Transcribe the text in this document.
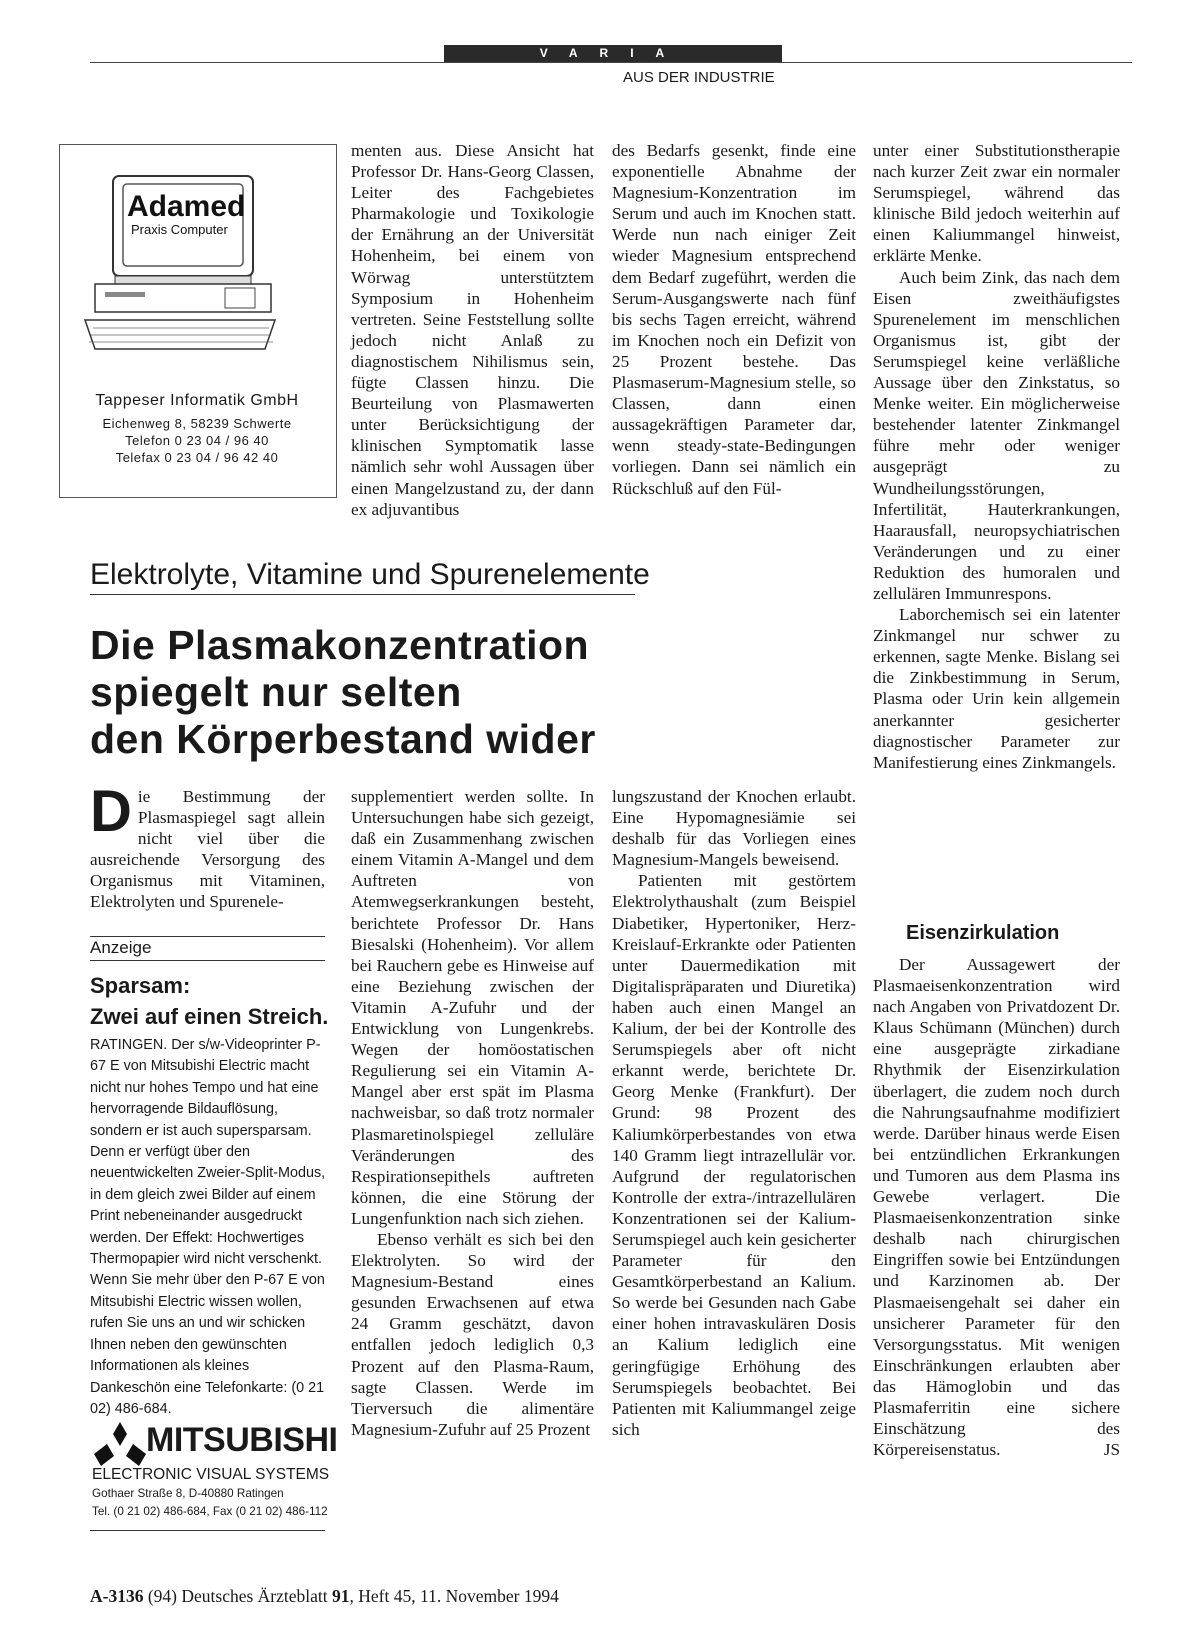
VARIA
AUS DER INDUSTRIE
Adamed
Praxis Computer
Tappeser Informatik GmbH
Eichenweg 8, 58239 Schwerte
Telefon 0 23 04 / 96 40
Telefax 0 23 04 / 96 42 40

menten aus. Diese Ansicht hat Professor Dr. Hans-Georg Classen, Leiter des Fachgebietes Pharmakologie und Toxikologie der Ernährung an der Universität Hohenheim, bei einem von Wörwag unterstütztem Symposium in Hohenheim vertreten. Seine Feststellung sollte jedoch nicht Anlaß zu diagnostischem Nihilismus sein, fügte Classen hinzu. Die Beurteilung von Plasmawerten unter Berücksichtigung der klinischen Symptomatik lasse nämlich sehr wohl Aussagen über einen Mangelzustand zu, der dann ex adjuvantibus

des Bedarfs gesenkt, finde eine exponentielle Abnahme der Magnesium-Konzentration im Serum und auch im Knochen statt. Werde nun nach einiger Zeit wieder Magnesium entsprechend dem Bedarf zugeführt, werden die Serum-Ausgangswerte nach fünf bis sechs Tagen erreicht, während im Knochen noch ein Defizit von 25 Prozent bestehe. Das Plasmaserum-Magnesium stelle, so Classen, dann einen aussagekräftigen Parameter dar, wenn steady-state-Bedingungen vorliegen. Dann sei nämlich ein Rückschluß auf den Fül-

unter einer Substitutionstherapie nach kurzer Zeit zwar ein normaler Serumspiegel, während das klinische Bild jedoch weiterhin auf einen Kaliummangel hinweist, erklärte Menke.

Auch beim Zink, das nach dem Eisen zweithäufigstes Spurenelement im menschlichen Organismus ist, gibt der Serumspiegel keine verläßliche Aussage über den Zinkstatus, so Menke weiter. Ein möglicherweise bestehender latenter Zinkmangel führe mehr oder weniger ausgeprägt zu Wundheilungsstörungen, Infertilität, Hauterkrankungen, Haarausfall, neuropsychiatrischen Veränderungen und zu einer Reduktion des humoralen und zellulären Immunrespons.

Laborchemisch sei ein latenter Zinkmangel nur schwer zu erkennen, sagte Menke. Bislang sei die Zinkbestimmung in Serum, Plasma oder Urin kein allgemein anerkannter gesicherter diagnostischer Parameter zur Manifestierung eines Zinkmangels.

Eisenzirkulation

Der Aussagewert der Plasmaeisenkonzentration wird nach Angaben von Privatdozent Dr. Klaus Schümann (München) durch eine ausgeprägte zirkadiane Rhythmik der Eisenzirkulation überlagert, die zudem noch durch die Nahrungsaufnahme modifiziert werde. Darüber hinaus werde Eisen bei entzündlichen Erkrankungen und Tumoren aus dem Plasma ins Gewebe verlagert. Die Plasmaeisenkonzentration sinke deshalb nach chirurgischen Eingriffen sowie bei Entzündungen und Karzinomen ab. Der Plasmaeisengehalt sei daher ein unsicherer Parameter für den Versorgungsstatus. Mit wenigen Einschränkungen erlaubten aber das Hämoglobin und das Plasmaferritin eine sichere Einschätzung des Körpereisenstatus.	JS

Elektrolyte, Vitamine und Spurenelemente
Die Plasmakonzentration
spiegelt nur selten
den Körperbestand wider
Die Bestimmung der Plasmaspiegel sagt allein nicht viel über die ausreichende Versorgung des Organismus mit Vitaminen, Elektrolyten und Spurenele-

supplementiert werden sollte. In Untersuchungen habe sich gezeigt, daß ein Zusammenhang zwischen einem Vitamin A-Mangel und dem Auftreten von Atemwegserkrankungen besteht, berichtete Professor Dr. Hans Biesalski (Hohenheim). Vor allem bei Rauchern gebe es Hinweise auf eine Beziehung zwischen der Vitamin A-Zufuhr und der Entwicklung von Lungenkrebs. Wegen der homöostatischen Regulierung sei ein Vitamin A-Mangel aber erst spät im Plasma nachweisbar, so daß trotz normaler Plasmaretinolspiegel zelluläre Veränderungen des Respirationsepithels auftreten können, die eine Störung der Lungenfunktion nach sich ziehen.

Ebenso verhält es sich bei den Elektrolyten. So wird der Magnesium-Bestand eines gesunden Erwachsenen auf etwa 24 Gramm geschätzt, davon entfallen jedoch lediglich 0,3 Prozent auf den Plasma-Raum, sagte Classen. Werde im Tierversuch die alimentäre Magnesium-Zufuhr auf 25 Prozent

lungszustand der Knochen erlaubt. Eine Hypomagnesiämie sei deshalb für das Vorliegen eines Magnesium-Mangels beweisend.

Patienten mit gestörtem Elektrolythaushalt (zum Beispiel Diabetiker, Hypertoniker, Herz-Kreislauf-Erkrankte oder Patienten unter Dauermedikation mit Digitalispräparaten und Diuretika) haben auch einen Mangel an Kalium, der bei der Kontrolle des Serumspiegels aber oft nicht erkannt werde, berichtete Dr. Georg Menke (Frankfurt). Der Grund: 98 Prozent des Kaliumkörperbestandes von etwa 140 Gramm liegt intrazellulär vor. Aufgrund der regulatorischen Kontrolle der extra-/intrazellulären Konzentrationen sei der Kalium-Serumspiegel auch kein gesicherter Parameter für den Gesamtkörperbestand an Kalium. So werde bei Gesunden nach Gabe einer hohen intravaskulären Dosis an Kalium lediglich eine geringfügige Erhöhung des Serumspiegels beobachtet. Bei Patienten mit Kaliummangel zeige sich

Anzeige
Sparsam:
Zwei auf einen Streich.
RATINGEN. Der s/w-Videoprinter P-67 E von Mitsubishi Electric macht nicht nur hohes Tempo und hat eine hervorragende Bildauflösung, sondern er ist auch supersparsam. Denn er verfügt über den neuentwickelten Zweier-Split-Modus, in dem gleich zwei Bilder auf einem Print nebeneinander ausgedruckt werden. Der Effekt: Hochwertiges Thermopapier wird nicht verschenkt. Wenn Sie mehr über den P-67 E von Mitsubishi Electric wissen wollen, rufen Sie uns an und wir schicken Ihnen neben den gewünschten Informationen als kleines Dankeschön eine Telefonkarte: (0 21 02) 486-684.
MITSUBISHI
ELECTRONIC VISUAL SYSTEMS
Gothaer Straße 8, D-40880 Ratingen
Tel. (0 21 02) 486-684, Fax (0 21 02) 486-112
A-3136 (94) Deutsches Ärzteblatt 91, Heft 45, 11. November 1994
